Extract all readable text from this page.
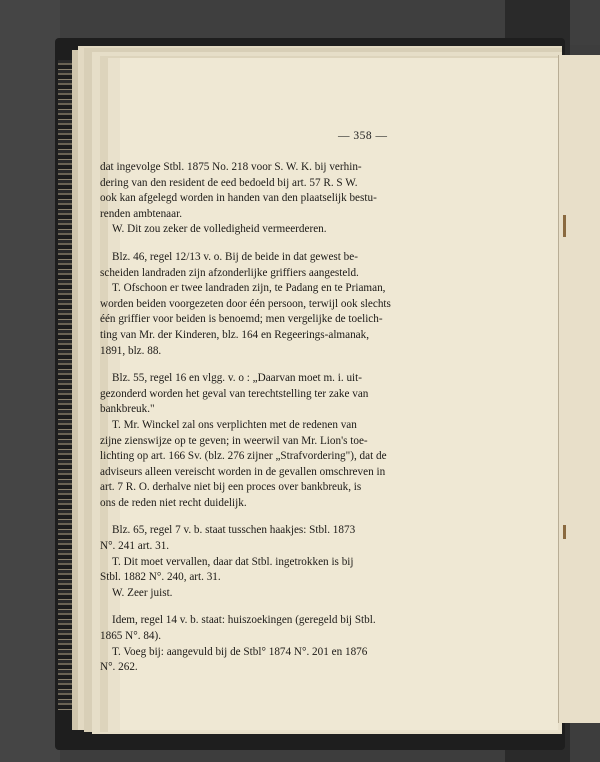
— 358 —
dat ingevolge Stbl. 1875 No. 218 voor S. W. K. bij verhin-
dering van den resident de eed bedoeld bij art. 57 R. S W.
ook kan afgelegd worden in handen van den plaatselijk bestu-
renden ambtenaar.
W. Dit zou zeker de volledigheid vermeerderen.
Blz. 46, regel 12/13 v. o. Bij de beide in dat gewest be-
scheiden landraden zijn afzonderlijke griffiers aangesteld.
T. Ofschoon er twee landraden zijn, te Padang en te Priaman,
worden beiden voorgezeten door één persoon, terwijl ook slechts
één griffier voor beiden is benoemd; men vergelijke de toelich-
ting van Mr. der Kinderen, blz. 164 en Regeerings-almanak,
1891, blz. 88.
Blz. 55, regel 16 en vlgg. v. o : „Daarvan moet m. i. uit-
gezonderd worden het geval van terechtstelling ter zake van
bankbreuk."
T. Mr. Winckel zal ons verplichten met de redenen van
zijne zienswijze op te geven; in weerwil van Mr. Lion's toe-
lichting op art. 166 Sv. (blz. 276 zijner „Strafvordering"), dat de
adviseurs alleen vereischt worden in de gevallen omschreven in
art. 7 R. O. derhalve niet bij een proces over bankbreuk, is
ons de reden niet recht duidelijk.
Blz. 65, regel 7 v. b. staat tusschen haakjes: Stbl. 1873
N°. 241 art. 31.
T. Dit moet vervallen, daar dat Stbl. ingetrokken is bij
Stbl. 1882 N°. 240, art. 31.
W. Zeer juist.
Idem, regel 14 v. b. staat: huiszoekingen (geregeld bij Stbl.
1865 N°. 84).
T. Voeg bij: aangevuld bij de Stbl° 1874 N°. 201 en 1876
N°. 262.
